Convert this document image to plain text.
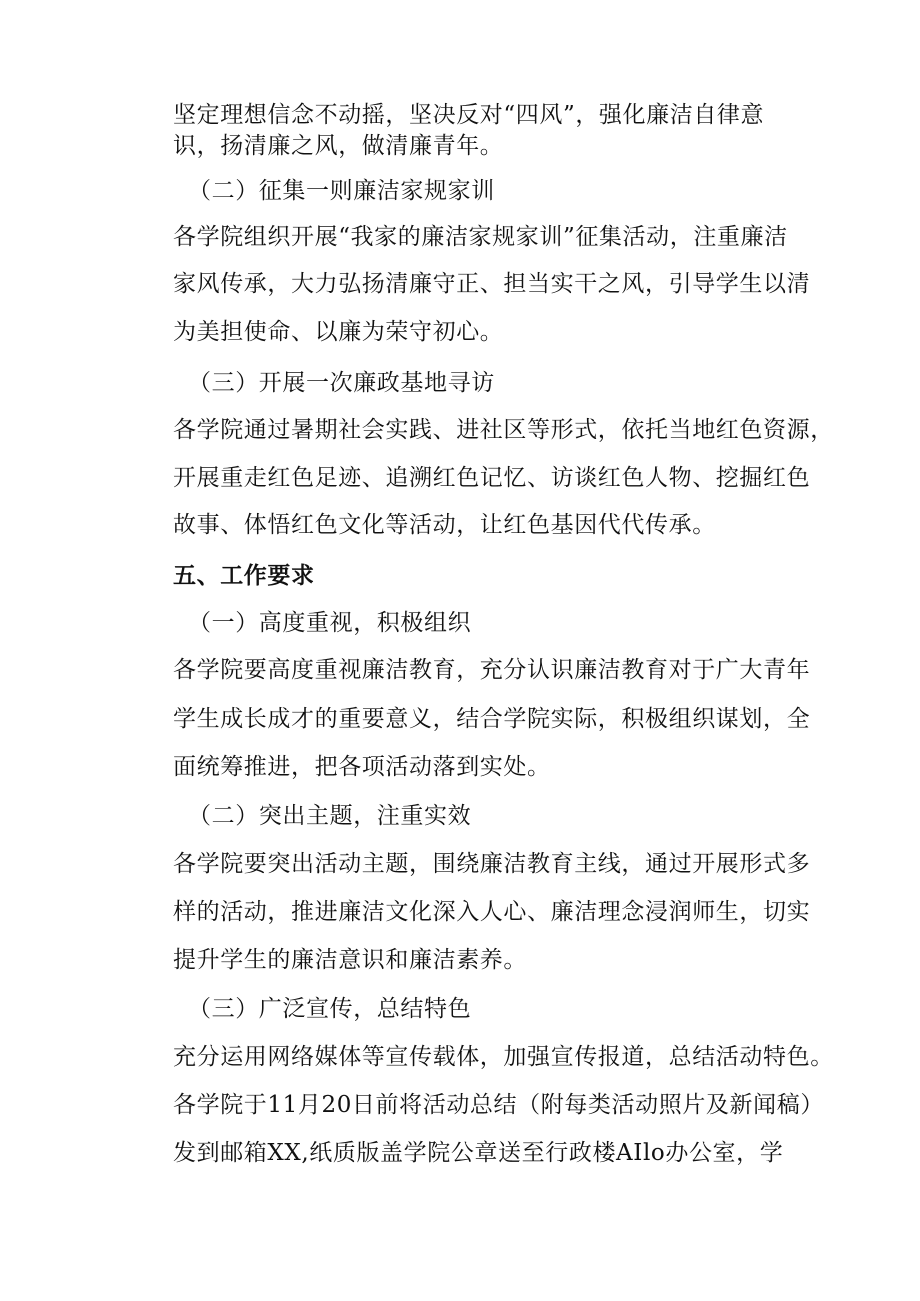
坚定理想信念不动摇，坚决反对“四风”，强化廉洁自律意
识，扬清廉之风，做清廉青年。
（二）征集一则廉洁家规家训
各学院组织开展“我家的廉洁家规家训”征集活动，注重廉洁
家风传承，大力弘扬清廉守正、担当实干之风，引导学生以清
为美担使命、以廉为荣守初心。
（三）开展一次廉政基地寻访
各学院通过暑期社会实践、进社区等形式，依托当地红色资源，
开展重走红色足迹、追溯红色记忆、访谈红色人物、挖掘红色
故事、体悟红色文化等活动，让红色基因代代传承。
五、工作要求
（一）高度重视，积极组织
各学院要高度重视廉洁教育，充分认识廉洁教育对于广大青年
学生成长成才的重要意义，结合学院实际，积极组织谋划，全
面统筹推进，把各项活动落到实处。
（二）突出主题，注重实效
各学院要突出活动主题，围绕廉洁教育主线，通过开展形式多
样的活动，推进廉洁文化深入人心、廉洁理念浸润师生，切实
提升学生的廉洁意识和廉洁素养。
（三）广泛宣传，总结特色
充分运用网络媒体等宣传载体，加强宣传报道，总结活动特色。
各学院于11月20日前将活动总结（附每类活动照片及新闻稿）
发到邮箱XX,纸质版盖学院公章送至行政楼AIlo办公室，学
